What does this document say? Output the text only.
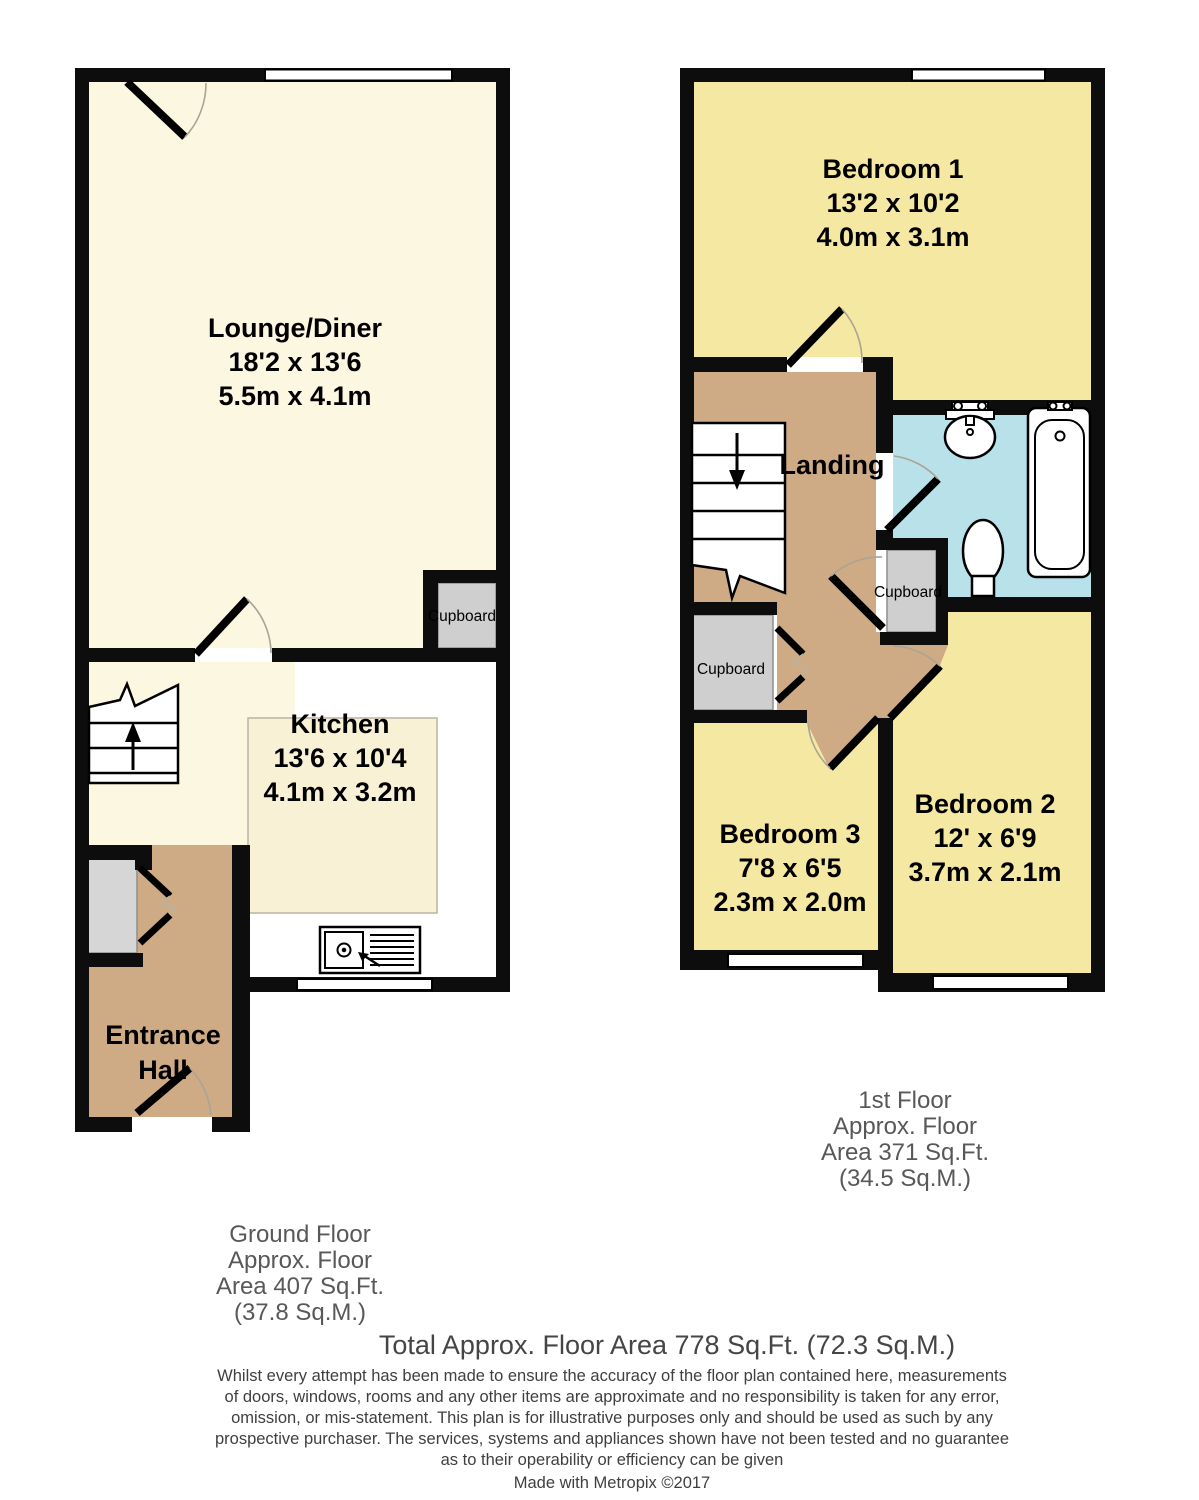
Lounge/Diner
18'2 x 13'6
5.5m x 4.1m
Kitchen
13'6 x 10'4
4.1m x 3.2m
Entrance
Hall
Cupboard
Bedroom 1
13'2 x 10'2
4.0m x 3.1m
Landing
Cupboard
Cupboard
Bedroom 3
7'8 x 6'5
2.3m x 2.0m
Bedroom 2
12' x 6'9
3.7m x 2.1m
1st Floor
Approx. Floor
Area 371 Sq.Ft.
(34.5 Sq.M.)
Ground Floor
Approx. Floor
Area 407 Sq.Ft.
(37.8 Sq.M.)
Total Approx. Floor Area 778 Sq.Ft. (72.3 Sq.M.)
Whilst every attempt has been made to ensure the accuracy of the floor plan contained here, measurements
of doors, windows, rooms and any other items are approximate and no responsibility is taken for any error,
omission, or mis-statement. This plan is for illustrative purposes only and should be used as such by any
prospective purchaser. The services, systems and appliances shown have not been tested and no guarantee
as to their operability or efficiency can be given
Made with Metropix ©2017
